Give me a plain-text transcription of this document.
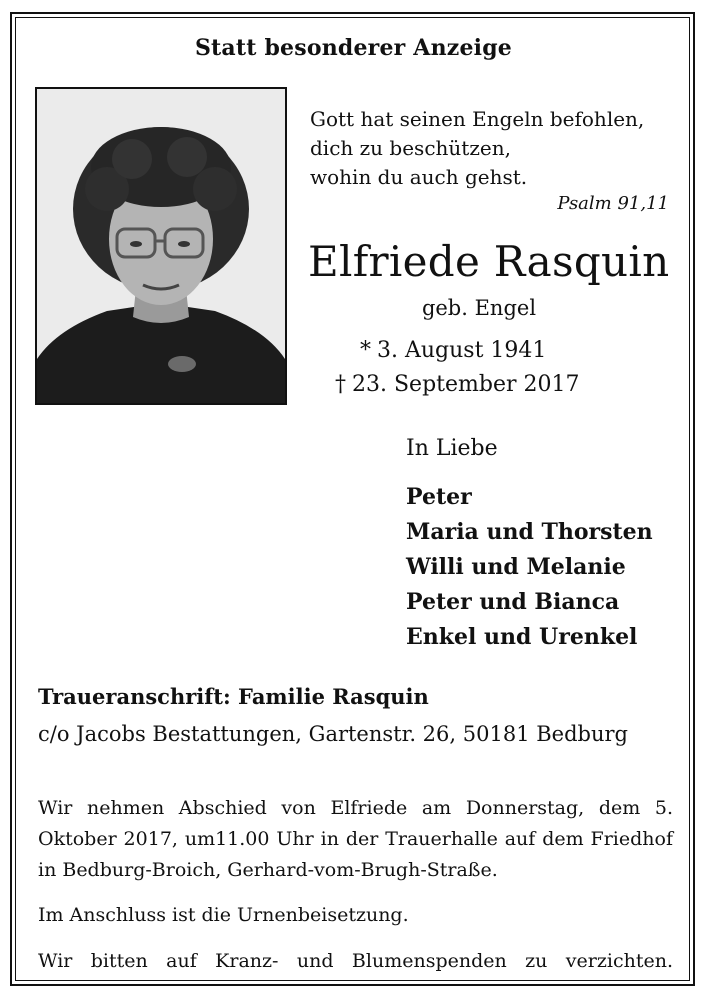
Statt besonderer Anzeige
Gott hat seinen Engeln befohlen,
dich zu beschützen,
wohin du auch gehst.
Psalm 91,11
Elfriede Rasquin
geb. Engel
* 3. August 1941
† 23. September 2017
In Liebe
Peter
Maria und Thorsten
Willi und Melanie
Peter und Bianca
Enkel und Urenkel
Traueranschrift: Familie Rasquin
c/o Jacobs Bestattungen, Gartenstr. 26, 50181 Bedburg
Wir nehmen Abschied von Elfriede am Donnerstag, dem 5. Oktober 2017, um11.00 Uhr in der Trauerhalle auf dem Friedhof in Bedburg-Broich, Gerhard-vom-Brugh-Straße.
Im Anschluss ist die Urnenbeisetzung.
Wir bitten auf Kranz- und Blumenspenden zu verzichten.
